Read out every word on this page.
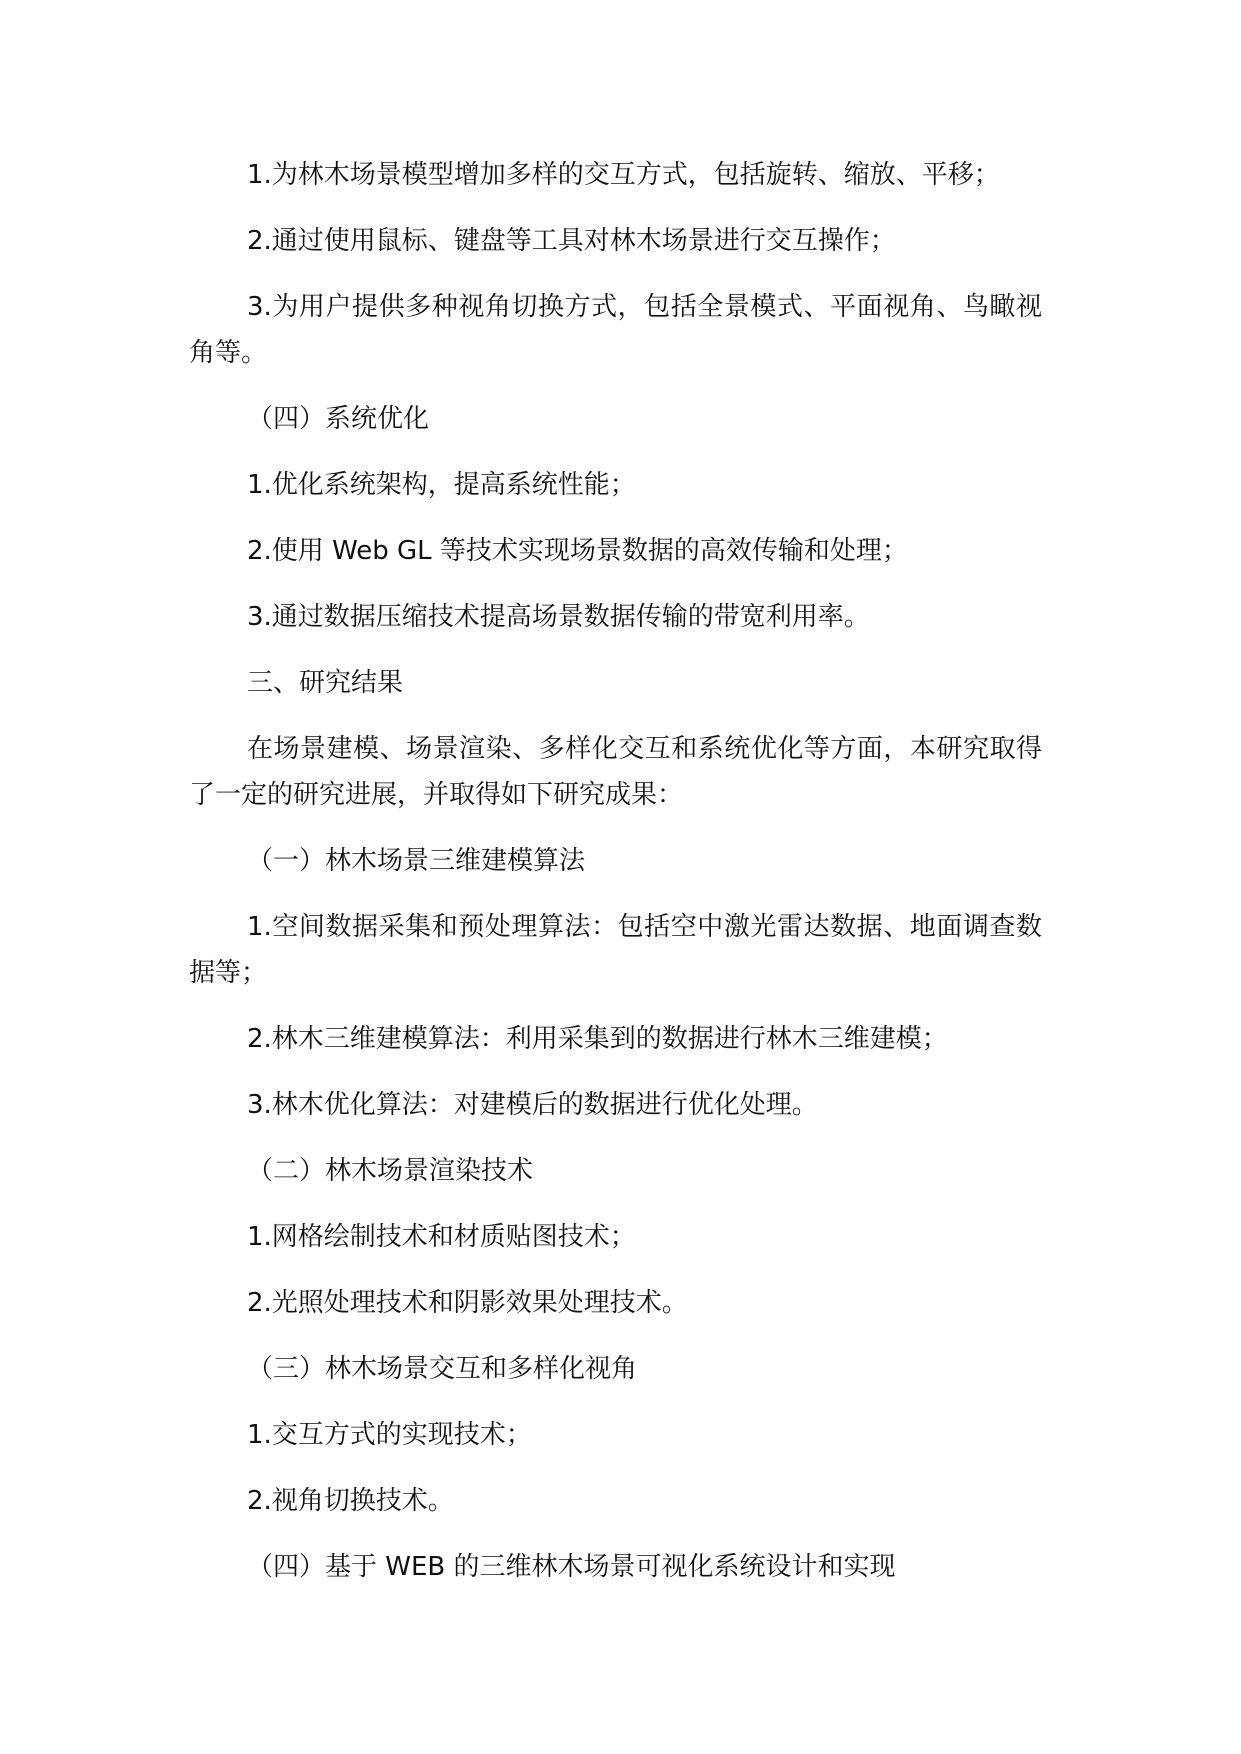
1.为林木场景模型增加多样的交互方式，包括旋转、缩放、平移；

2.通过使用鼠标、键盘等工具对林木场景进行交互操作；

3.为用户提供多种视角切换方式，包括全景模式、平面视角、鸟瞰视角等。

（四）系统优化

1.优化系统架构，提高系统性能；

2.使用 Web GL 等技术实现场景数据的高效传输和处理；

3.通过数据压缩技术提高场景数据传输的带宽利用率。

三、研究结果

在场景建模、场景渲染、多样化交互和系统优化等方面，本研究取得了一定的研究进展，并取得如下研究成果：

（一）林木场景三维建模算法

1.空间数据采集和预处理算法：包括空中激光雷达数据、地面调查数据等；

2.林木三维建模算法：利用采集到的数据进行林木三维建模；

3.林木优化算法：对建模后的数据进行优化处理。

（二）林木场景渲染技术

1.网格绘制技术和材质贴图技术；

2.光照处理技术和阴影效果处理技术。

（三）林木场景交互和多样化视角

1.交互方式的实现技术；

2.视角切换技术。

（四）基于 WEB 的三维林木场景可视化系统设计和实现
